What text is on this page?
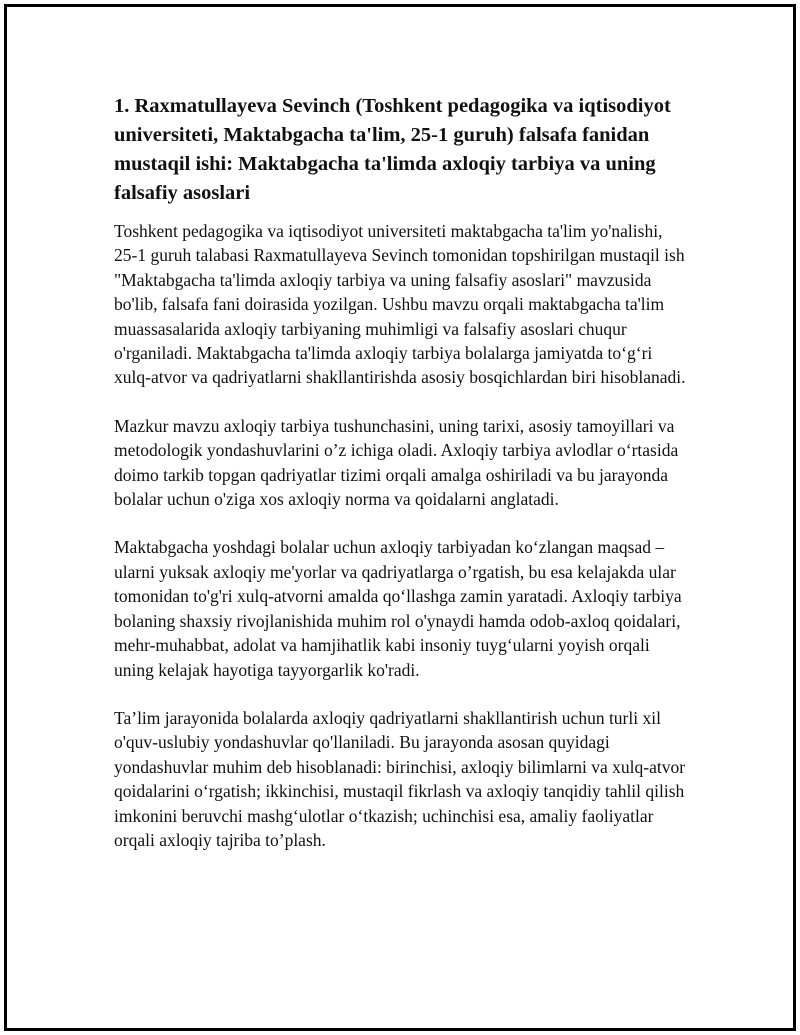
1. Raxmatullayeva Sevinch (Toshkent pedagogika va iqtisodiyot universiteti, Maktabgacha ta'lim, 25-1 guruh) falsafa fanidan mustaqil ishi: Maktabgacha ta'limda axloqiy tarbiya va uning falsafiy asoslari

Toshkent pedagogika va iqtisodiyot universiteti maktabgacha ta'lim yo'nalishi, 25-1 guruh talabasi Raxmatullayeva Sevinch tomonidan topshirilgan mustaqil ish "Maktabgacha ta'limda axloqiy tarbiya va uning falsafiy asoslari" mavzusida bo'lib, falsafa fani doirasida yozilgan. Ushbu mavzu orqali maktabgacha ta'lim muassasalarida axloqiy tarbiyaning muhimligi va falsafiy asoslari chuqur o'rganiladi. Maktabgacha ta'limda axloqiy tarbiya bolalarga jamiyatda to‘g‘ri xulq-atvor va qadriyatlarni shakllantirishda asosiy bosqichlardan biri hisoblanadi.

Mazkur mavzu axloqiy tarbiya tushunchasini, uning tarixi, asosiy tamoyillari va metodologik yondashuvlarini o’z ichiga oladi. Axloqiy tarbiya avlodlar o‘rtasida doimo tarkib topgan qadriyatlar tizimi orqali amalga oshiriladi va bu jarayonda bolalar uchun o'ziga xos axloqiy norma va qoidalarni anglatadi.

Maktabgacha yoshdagi bolalar uchun axloqiy tarbiyadan ko‘zlangan maqsad – ularni yuksak axloqiy me'yorlar va qadriyatlarga o’rgatish, bu esa kelajakda ular tomonidan to'g'ri xulq-atvorni amalda qo‘llashga zamin yaratadi. Axloqiy tarbiya bolaning shaxsiy rivojlanishida muhim rol o'ynaydi hamda odob-axloq qoidalari, mehr-muhabbat, adolat va hamjihatlik kabi insoniy tuyg‘ularni yoyish orqali uning kelajak hayotiga tayyorgarlik ko'radi.

Ta’lim jarayonida bolalarda axloqiy qadriyatlarni shakllantirish uchun turli xil o'quv-uslubiy yondashuvlar qo'llaniladi. Bu jarayonda asosan quyidagi yondashuvlar muhim deb hisoblanadi: birinchisi, axloqiy bilimlarni va xulq-atvor qoidalarini o‘rgatish; ikkinchisi, mustaqil fikrlash va axloqiy tanqidiy tahlil qilish imkonini beruvchi mashg‘ulotlar o‘tkazish; uchinchisi esa, amaliy faoliyatlar orqali axloqiy tajriba to’plash.
